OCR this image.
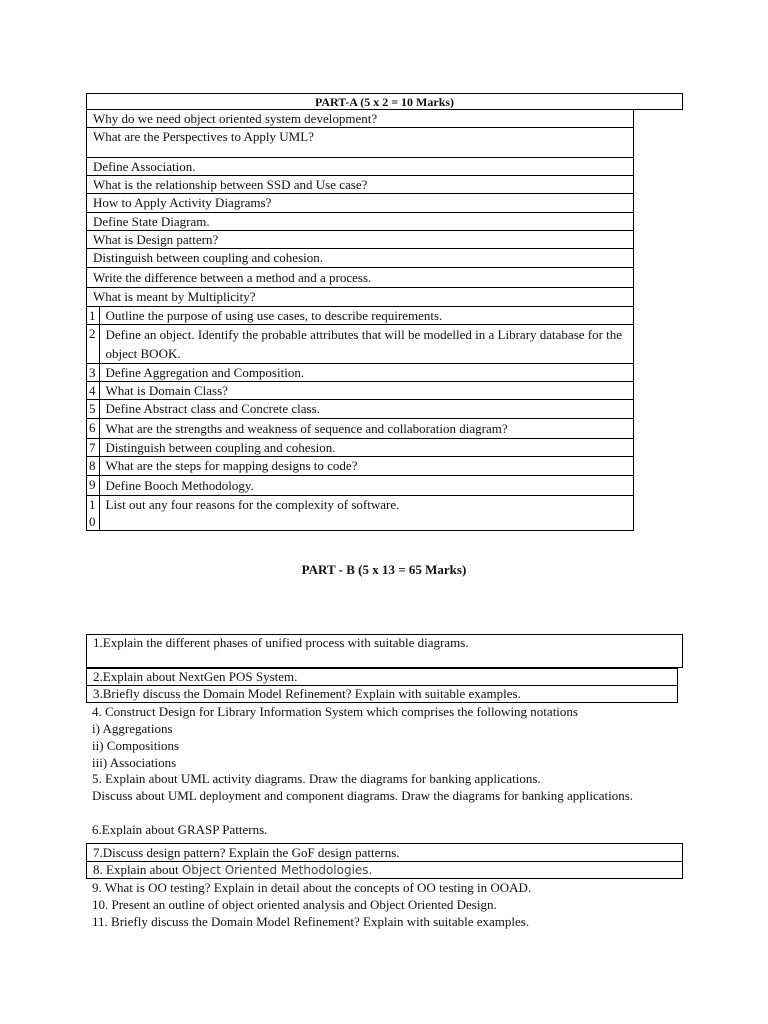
PART-A (5 x 2 = 10 Marks)
Why do we need object oriented system development?	
What are the Perspectives to Apply UML?	
Define Association.	
What is the relationship between SSD and Use case?	
How to Apply Activity Diagrams?	
Define State Diagram.	
What is Design pattern?	
Distinguish between coupling and cohesion.	
Write the difference between a method and a process.	
What is meant by Multiplicity?	
1	Outline the purpose of using use cases, to describe requirements.
2	Define an object. Identify the probable attributes that will be modelled in a Library database for the object BOOK.
3	Define Aggregation and Composition.
4	What is Domain Class?
5	Define Abstract class and Concrete class.
6	What are the strengths and weakness of sequence and collaboration diagram?
7	Distinguish between coupling and cohesion.
8	What are the steps for mapping designs to code?
9	Define Booch Methodology.
10	List out any four reasons for the complexity of software.
PART - B (5 x 13 = 65 Marks)
1.Explain the different phases of unified process with suitable diagrams.
2.Explain about NextGen POS System.
3.Briefly discuss the Domain Model Refinement? Explain with suitable examples.
4. Construct Design for Library Information System which comprises the following notations
i) Aggregations
ii) Compositions
iii) Associations
5. Explain about UML activity diagrams. Draw the diagrams for banking applications.
Discuss about UML deployment and component diagrams. Draw the diagrams for banking applications.
6.Explain about GRASP Patterns.
7.Discuss design pattern? Explain the GoF design patterns.
8. Explain about Object Oriented Methodologies.
9. What is OO testing? Explain in detail about the concepts of OO testing in OOAD.
10. Present an outline of object oriented analysis and Object Oriented Design.
11. Briefly discuss the Domain Model Refinement? Explain with suitable examples.
